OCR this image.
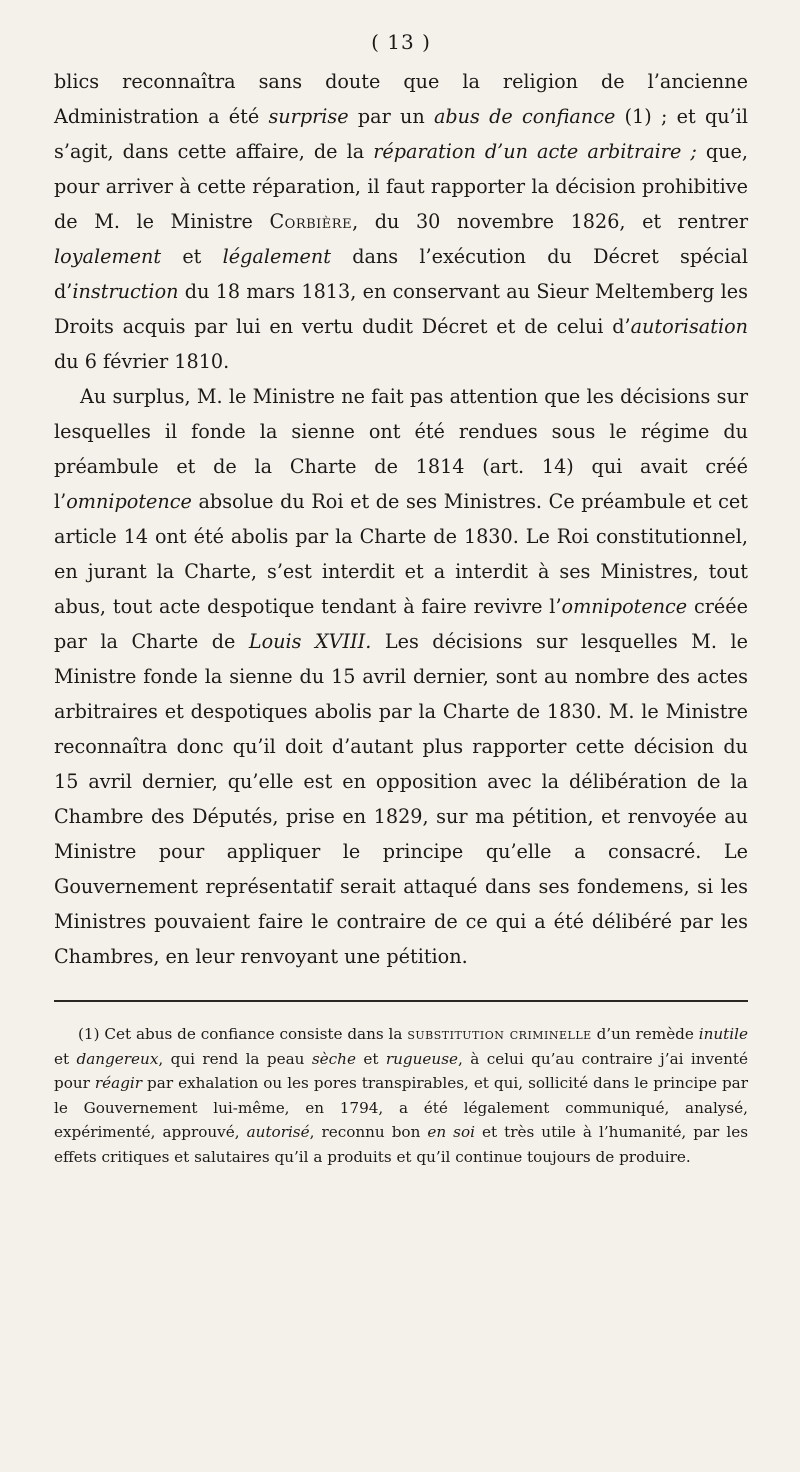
( 13 )

blics reconnaîtra sans doute que la religion de l’ancienne Administration a été surprise par un abus de confiance (1) ; et qu’il s’agit, dans cette affaire, de la réparation d’un acte arbitraire ; que, pour arriver à cette réparation, il faut rapporter la décision prohibitive de M. le Ministre Corbière, du 30 novembre 1826, et rentrer loyalement et légalement dans l’exécution du Décret spécial d’instruction du 18 mars 1813, en conservant au Sieur Meltemberg les Droits acquis par lui en vertu dudit Décret et de celui d’autorisation du 6 février 1810.

Au surplus, M. le Ministre ne fait pas attention que les décisions sur lesquelles il fonde la sienne ont été rendues sous le régime du préambule et de la Charte de 1814 (art. 14) qui avait créé l’omnipotence absolue du Roi et de ses Ministres. Ce préambule et cet article 14 ont été abolis par la Charte de 1830. Le Roi constitutionnel, en jurant la Charte, s’est interdit et a interdit à ses Ministres, tout abus, tout acte despotique tendant à faire revivre l’omnipotence créée par la Charte de Louis XVIII. Les décisions sur lesquelles M. le Ministre fonde la sienne du 15 avril dernier, sont au nombre des actes arbitraires et despotiques abolis par la Charte de 1830. M. le Ministre reconnaîtra donc qu’il doit d’autant plus rapporter cette décision du 15 avril dernier, qu’elle est en opposition avec la délibération de la Chambre des Députés, prise en 1829, sur ma pétition, et renvoyée au Ministre pour appliquer le principe qu’elle a consacré. Le Gouvernement représentatif serait attaqué dans ses fondemens, si les Ministres pouvaient faire le contraire de ce qui a été délibéré par les Chambres, en leur renvoyant une pétition.

(1) Cet abus de confiance consiste dans la substitution criminelle d’un remède inutile et dangereux, qui rend la peau sèche et rugueuse, à celui qu’au contraire j’ai inventé pour réagir par exhalation ou les pores transpirables, et qui, sollicité dans le principe par le Gouvernement lui-même, en 1794, a été légalement communiqué, analysé, expérimenté, approuvé, autorisé, reconnu bon en soi et très utile à l’humanité, par les effets critiques et salutaires qu’il a produits et qu’il continue toujours de produire.
